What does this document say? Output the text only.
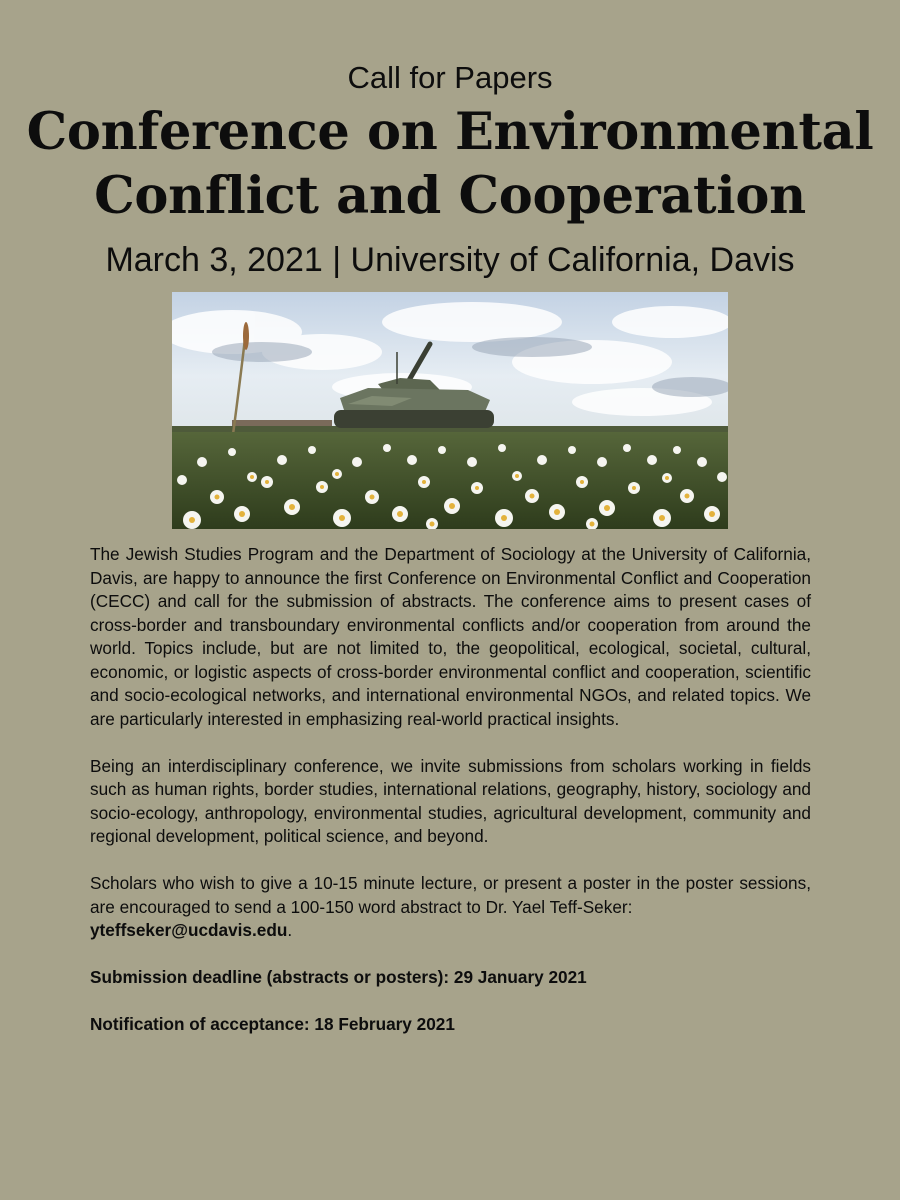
Call for Papers
Conference on Environmental
Conflict and Cooperation
March 3, 2021 | University of California, Davis

The Jewish Studies Program and the Department of Sociology at the University of California, Davis, are happy to announce the first Conference on Environmental Conflict and Cooperation (CECC) and call for the submission of abstracts. The conference aims to present cases of cross-border and transboundary environmental conflicts and/or cooperation from around the world. Topics include, but are not limited to, the geopolitical, ecological, societal, cultural, economic, or logistic aspects of cross-border environmental conflict and cooperation, scientific and socio-ecological networks, and international environmental NGOs, and related topics. We are particularly interested in emphasizing real-world practical insights.

Being an interdisciplinary conference, we invite submissions from scholars working in fields such as human rights, border studies, international relations, geography, history, sociology and socio-ecology, anthropology, environmental studies, agricultural development, community and regional development, political science, and beyond.

Scholars who wish to give a 10-15 minute lecture, or present a poster in the poster sessions, are encouraged to send a 100-150 word abstract to Dr. Yael Teff-Seker:
yteffseker@ucdavis.edu.

Submission deadline (abstracts or posters): 29 January 2021

Notification of acceptance: 18 February 2021
